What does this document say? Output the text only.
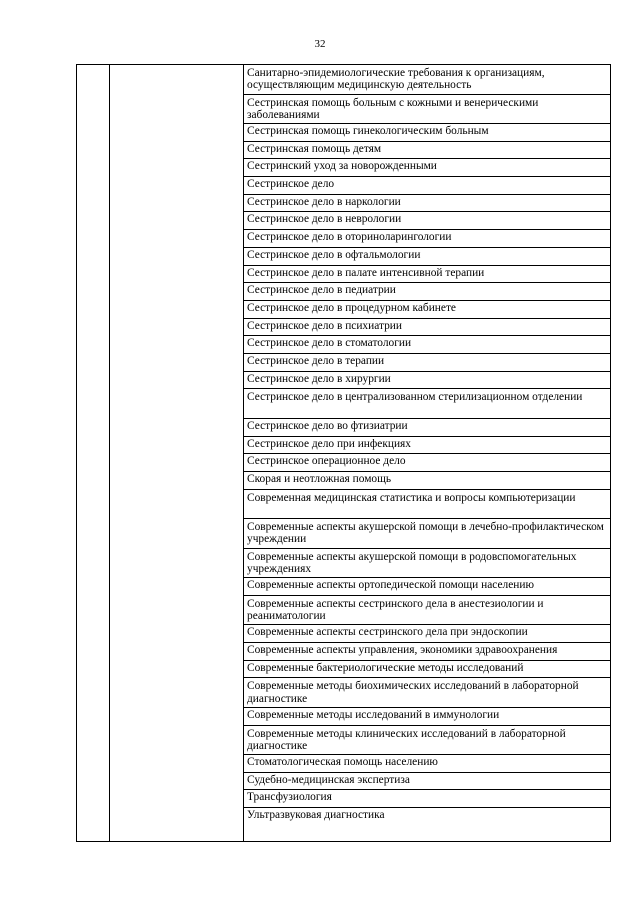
32
Санитарно-эпидемиологические требования к организациям, осуществляющим медицинскую деятельность
Сестринская помощь больным с кожными и венерическими заболеваниями
Сестринская помощь гинекологическим больным
Сестринская помощь детям
Сестринский уход за новорожденными
Сестринское дело
Сестринское дело в наркологии
Сестринское дело в неврологии
Сестринское дело в оториноларингологии
Сестринское дело в офтальмологии
Сестринское дело в палате интенсивной терапии
Сестринское дело в педиатрии
Сестринское дело в процедурном кабинете
Сестринское дело в психиатрии
Сестринское дело в стоматологии
Сестринское дело в терапии
Сестринское дело в хирургии
Сестринское дело в централизованном стерилизационном отделении
Сестринское дело во фтизиатрии
Сестринское дело при инфекциях
Сестринское операционное дело
Скорая и неотложная помощь
Современная медицинская статистика и вопросы компьютеризации
Современные аспекты акушерской помощи в лечебно-профилактическом учреждении
Современные аспекты акушерской помощи в родовспомогательных учреждениях
Современные аспекты ортопедической помощи населению
Современные аспекты сестринского дела в анестезиологии и реаниматологии
Современные аспекты сестринского дела при эндоскопии
Современные аспекты управления, экономики здравоохранения
Современные бактериологические методы исследований
Современные методы биохимических исследований в лабораторной диагностике
Современные методы исследований в иммунологии
Современные методы клинических исследований в лабораторной диагностике
Стоматологическая помощь населению
Судебно-медицинская экспертиза
Трансфузиология
Ультразвуковая диагностика
